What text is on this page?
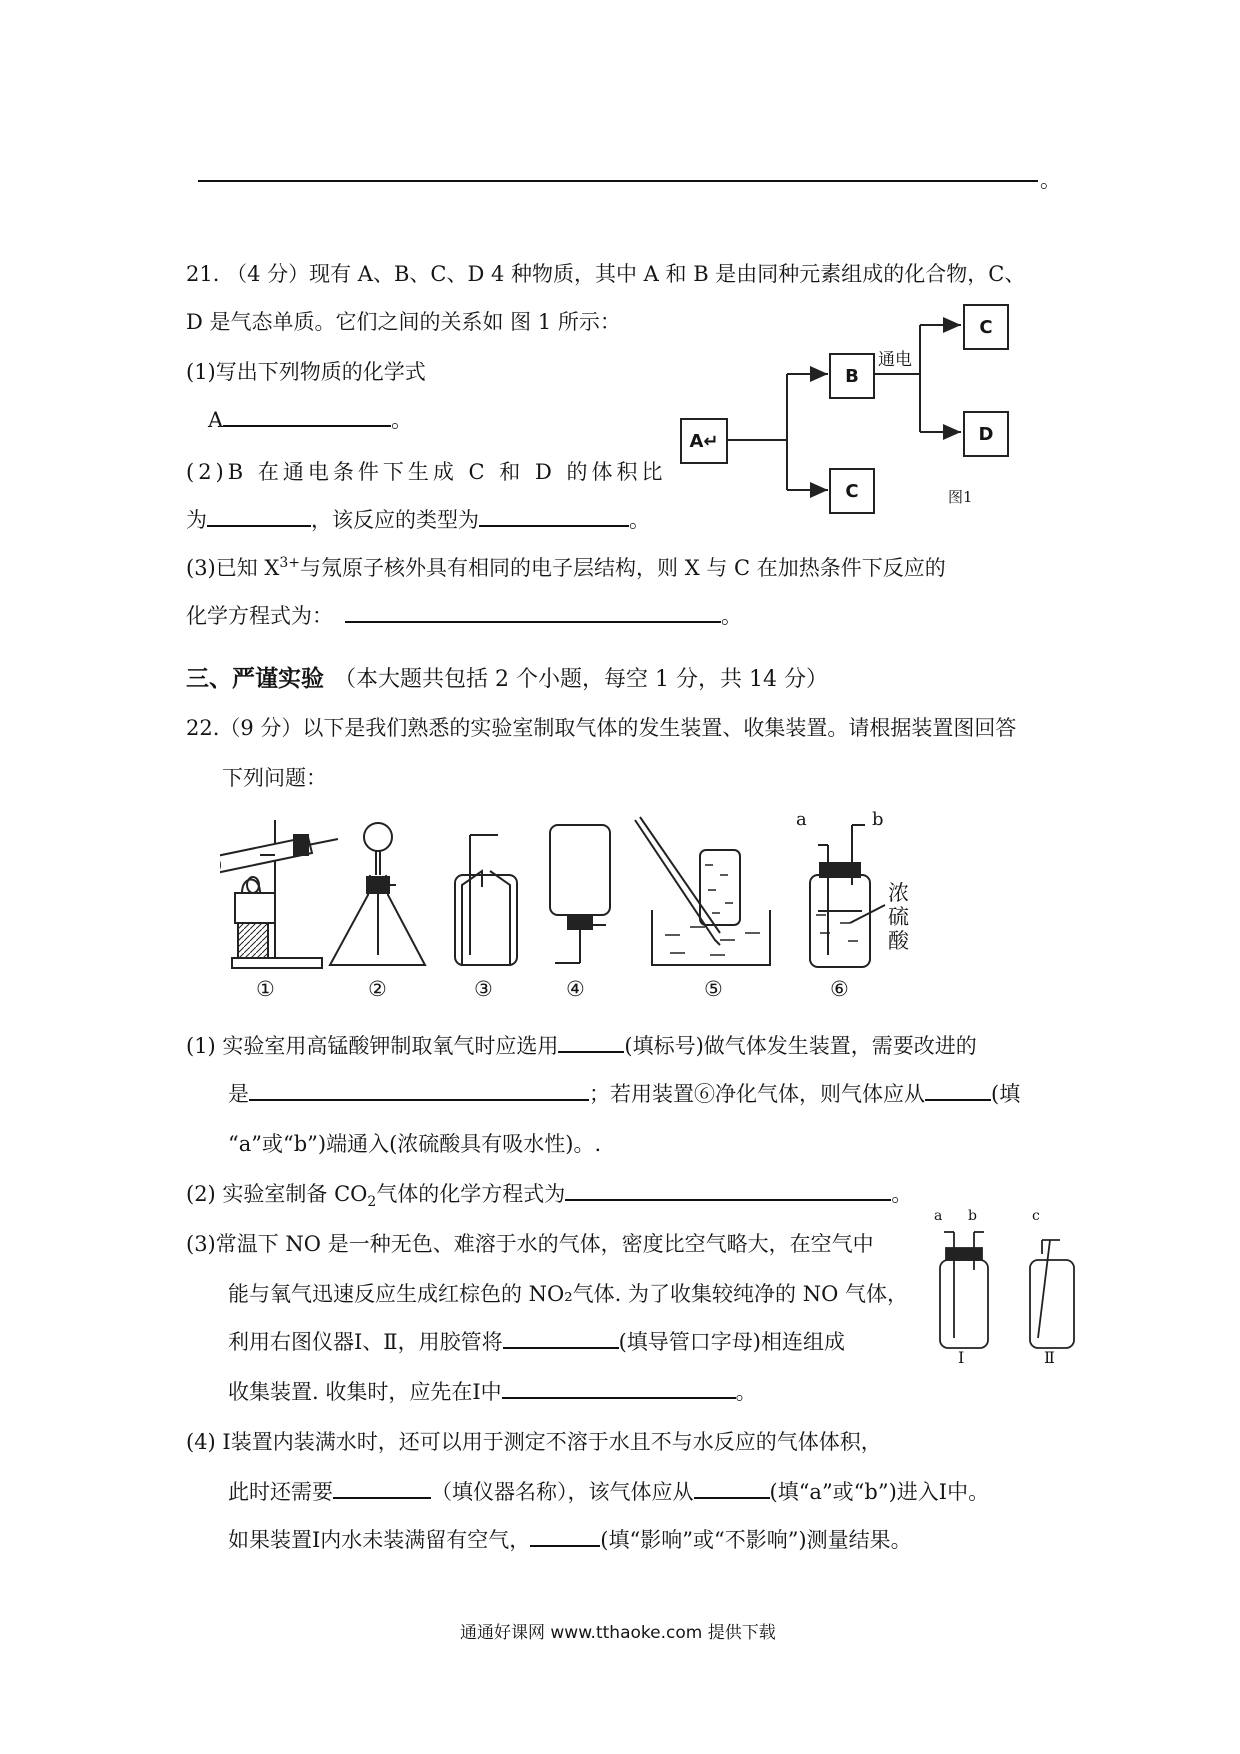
。
21. （4 分）现有 A、B、C、D 4 种物质，其中 A 和 B 是由同种元素组成的化合物，C、
D 是气态单质。它们之间的关系如 图 1 所示：
(1)写出下列物质的化学式
A	。
(2)B 在通电条件下生成 C 和 D 的体积比
为	，该反应的类型为	。
(3)已知 $X^{3+}$与氖原子核外具有相同的电子层结构，则 X 与 C 在加热条件下反应的
化学方程式为：	。
A↵
B
C
D
C
通电
图1
三、严谨实验 （本大题共包括 2 个小题，每空 1 分，共 14 分）
22.（9 分）以下是我们熟悉的实验室制取气体的发生装置、收集装置。请根据装置图回答
下列问题：
a	b
浓
硫
酸
①	②	③	④	⑤	⑥
(1) 实验室用高锰酸钾制取氧气时应选用	(填标号)做气体发生装置，需要改进的
是	；若用装置⑥净化气体，则气体应从	(填
“a”或“b”)端通入(浓硫酸具有吸水性)。.
(2) 实验室制备 $CO_2$气体的化学方程式为	。
(3)常温下 NO 是一种无色、难溶于水的气体，密度比空气略大，在空气中
能与氧气迅速反应生成红棕色的 NO₂气体. 为了收集较纯净的 NO 气体，
利用右图仪器Ⅰ、Ⅱ，用胶管将	(填导管口字母)相连组成
收集装置. 收集时，应先在Ⅰ中	。
a b	c
Ⅰ	Ⅱ
(4) Ⅰ装置内装满水时，还可以用于测定不溶于水且不与水反应的气体体积，
此时还需要	（填仪器名称），该气体应从	(填“a”或“b”)进入Ⅰ中。
如果装置Ⅰ内水未装满留有空气，	(填“影响”或“不影响”)测量结果。
通通好课网 www.tthaoke.com 提供下载
